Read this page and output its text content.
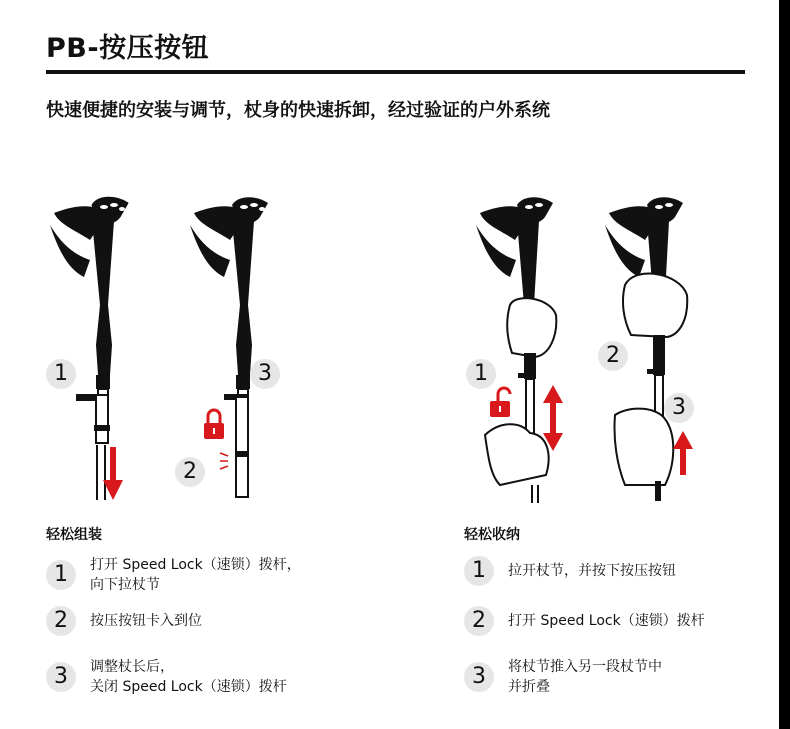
PB-按压按钮
快速便捷的安装与调节，杖身的快速拆卸，经过验证的户外系统
1	3
2
1
2
3
轻松组装
1	打开 Speed Lock（速锁）拨杆，
向下拉杖节
2	按压按钮卡入到位
3	调整杖长后，
关闭 Speed Lock（速锁）拨杆
轻松收纳
1	拉开杖节，并按下按压按钮
2	打开 Speed Lock（速锁）拨杆
3	将杖节推入另一段杖节中
并折叠
